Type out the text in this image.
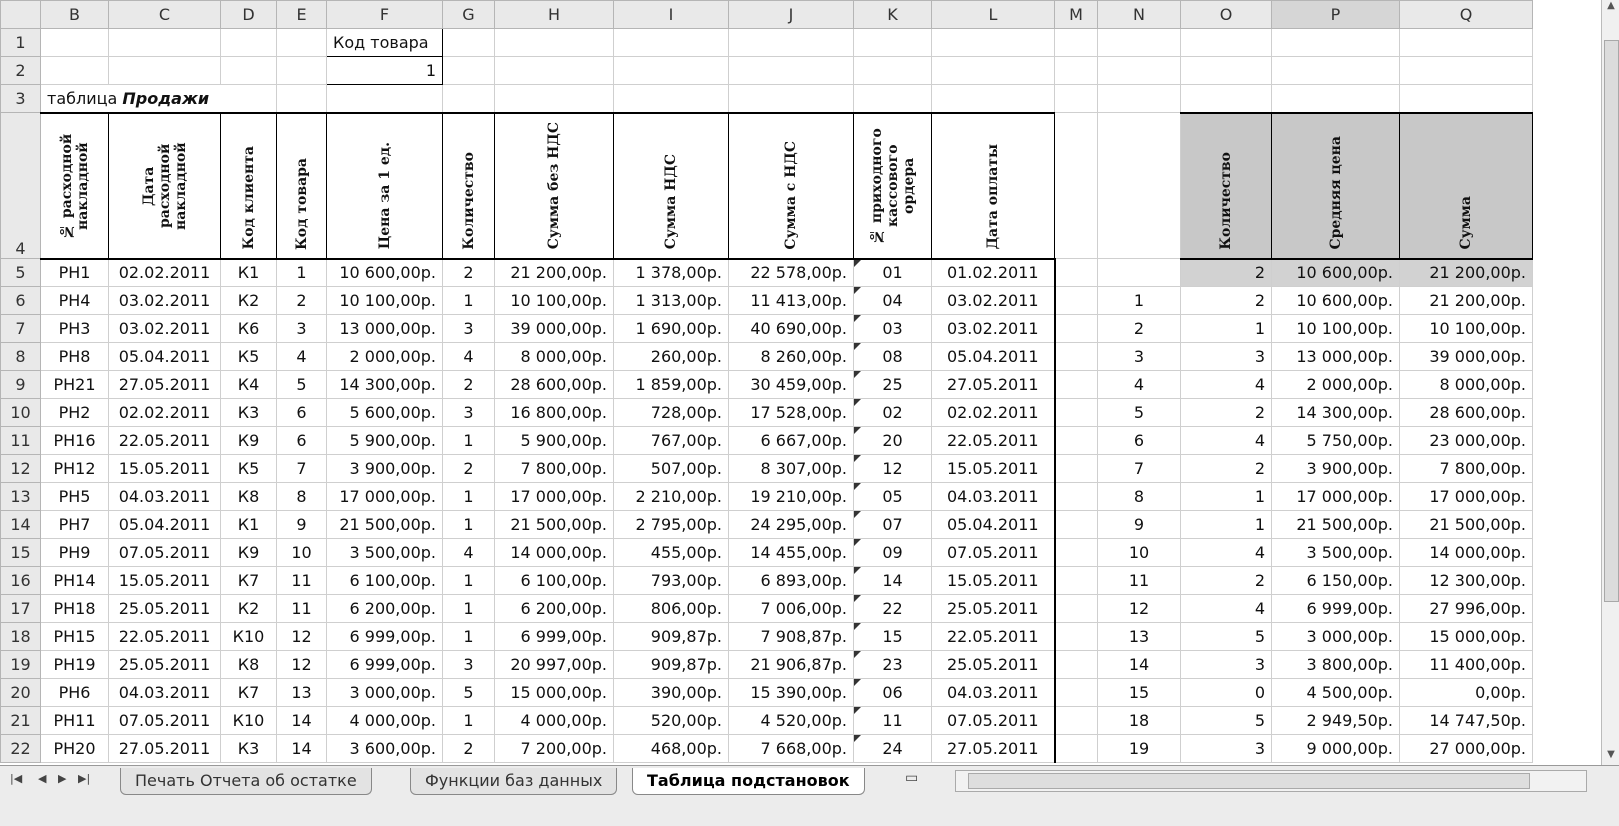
	B	C	D	E	F	G	H	I	J	K	L	M	N	O	P	Q
1					Код товара											
2					1											
3	таблица Продажи															
4	№ расходной накладной	Дата расходной накладной	Код клиента	Код товара	Цена за 1 ед.	Количество	Сумма без НДС	Сумма НДС	Сумма с НДС	№ приходного кассового ордера	Дата оплаты			Количество	Средняя цена	Сумма
5	РН1	02.02.2011	К1	1	10 600,00р.	2	21 200,00р.	1 378,00р.	22 578,00р.	01	01.02.2011			2	10 600,00р.	21 200,00р.
6	РН4	03.02.2011	К2	2	10 100,00р.	1	10 100,00р.	1 313,00р.	11 413,00р.	04	03.02.2011		1	2	10 600,00р.	21 200,00р.
7	РН3	03.02.2011	К6	3	13 000,00р.	3	39 000,00р.	1 690,00р.	40 690,00р.	03	03.02.2011		2	1	10 100,00р.	10 100,00р.
8	РН8	05.04.2011	К5	4	2 000,00р.	4	8 000,00р.	260,00р.	8 260,00р.	08	05.04.2011		3	3	13 000,00р.	39 000,00р.
9	РН21	27.05.2011	К4	5	14 300,00р.	2	28 600,00р.	1 859,00р.	30 459,00р.	25	27.05.2011		4	4	2 000,00р.	8 000,00р.
10	РН2	02.02.2011	К3	6	5 600,00р.	3	16 800,00р.	728,00р.	17 528,00р.	02	02.02.2011		5	2	14 300,00р.	28 600,00р.
11	РН16	22.05.2011	К9	6	5 900,00р.	1	5 900,00р.	767,00р.	6 667,00р.	20	22.05.2011		6	4	5 750,00р.	23 000,00р.
12	РН12	15.05.2011	К5	7	3 900,00р.	2	7 800,00р.	507,00р.	8 307,00р.	12	15.05.2011		7	2	3 900,00р.	7 800,00р.
13	РН5	04.03.2011	К8	8	17 000,00р.	1	17 000,00р.	2 210,00р.	19 210,00р.	05	04.03.2011		8	1	17 000,00р.	17 000,00р.
14	РН7	05.04.2011	К1	9	21 500,00р.	1	21 500,00р.	2 795,00р.	24 295,00р.	07	05.04.2011		9	1	21 500,00р.	21 500,00р.
15	РН9	07.05.2011	К9	10	3 500,00р.	4	14 000,00р.	455,00р.	14 455,00р.	09	07.05.2011		10	4	3 500,00р.	14 000,00р.
16	РН14	15.05.2011	К7	11	6 100,00р.	1	6 100,00р.	793,00р.	6 893,00р.	14	15.05.2011		11	2	6 150,00р.	12 300,00р.
17	РН18	25.05.2011	К2	11	6 200,00р.	1	6 200,00р.	806,00р.	7 006,00р.	22	25.05.2011		12	4	6 999,00р.	27 996,00р.
18	РН15	22.05.2011	К10	12	6 999,00р.	1	6 999,00р.	909,87р.	7 908,87р.	15	22.05.2011		13	5	3 000,00р.	15 000,00р.
19	РН19	25.05.2011	К8	12	6 999,00р.	3	20 997,00р.	909,87р.	21 906,87р.	23	25.05.2011		14	3	3 800,00р.	11 400,00р.
20	РН6	04.03.2011	К7	13	3 000,00р.	5	15 000,00р.	390,00р.	15 390,00р.	06	04.03.2011		15	0	4 500,00р.	0,00р.
21	РН11	07.05.2011	К10	14	4 000,00р.	1	4 000,00р.	520,00р.	4 520,00р.	11	07.05.2011		18	5	2 949,50р.	14 747,50р.
22	РН20	27.05.2011	К3	14	3 600,00р.	2	7 200,00р.	468,00р.	7 668,00р.	24	27.05.2011		19	3	9 000,00р.	27 000,00р.
▲
▼
|◀ ◀ ▶ ▶|	Печать Отчета об остатке	Функции баз данных	Таблица подстановок	▭
